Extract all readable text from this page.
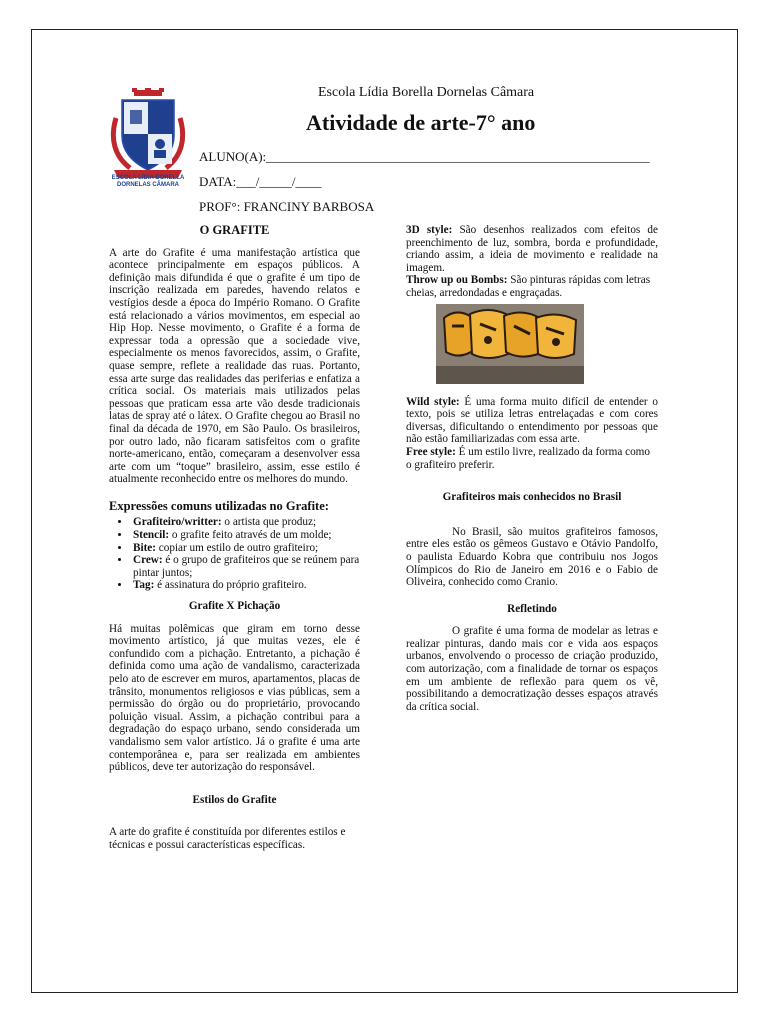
ESCOLA LÍDIA BORELLA
DORNELAS CÂMARA
Escola Lídia Borella Dornelas Câmara
Atividade de arte-7° ano
ALUNO(A):___________________________________________________________
DATA:___/_____/____
PROF°: FRANCINY BARBOSA

O GRAFITE

A arte do Grafite é uma manifestação artística que acontece principalmente em espaços públicos. A definição mais difundida é que o grafite é um tipo de inscrição realizada em paredes, havendo relatos e vestígios desde a época do Império Romano. O Grafite está relacionado a vários movimentos, em especial ao Hip Hop. Nesse movimento, o Grafite é a forma de expressar toda a opressão que a sociedade vive, especialmente os menos favorecidos, assim, o Grafite, quase sempre, reflete a realidade das ruas. Portanto, essa arte surge das realidades das periferias e enfatiza a crítica social. Os materiais mais utilizados pelas pessoas que praticam essa arte vão desde tradicionais latas de spray até o látex. O Grafite chegou ao Brasil no final da década de 1970, em São Paulo. Os brasileiros, por outro lado, não ficaram satisfeitos com o grafite norte-americano, então, começaram a desenvolver essa arte com um “toque” brasileiro, assim, esse estilo é atualmente reconhecido entre os melhores do mundo.

Expressões comuns utilizadas no Grafite:

• Grafiteiro/writter: o artista que produz;
• Stencil: o grafite feito através de um molde;
• Bite: copiar um estilo de outro grafiteiro;
• Crew: é o grupo de grafiteiros que se reúnem para pintar juntos;
• Tag: é assinatura do próprio grafiteiro.

Grafite X Pichação

Há muitas polêmicas que giram em torno desse movimento artístico, já que muitas vezes, ele é confundido com a pichação. Entretanto, a pichação é definida como uma ação de vandalismo, caracterizada pelo ato de escrever em muros, apartamentos, placas de trânsito, monumentos religiosos e vias públicas, sem a permissão do órgão ou do proprietário, provocando poluição visual. Assim, a pichação contribui para a degradação do espaço urbano, sendo considerada um vandalismo sem valor artístico. Já o grafite é uma arte contemporânea e, para ser realizada em ambientes públicos, deve ter autorização do responsável.

Estilos do Grafite

A arte do grafite é constituída por diferentes estilos e técnicas e possui características específicas.

3D style: São desenhos realizados com efeitos de preenchimento de luz, sombra, borda e profundidade, criando assim, a ideia de movimento e realidade na imagem.

Throw up ou Bombs: São pinturas rápidas com letras cheias, arredondadas e engraçadas.

Wild style: É uma forma muito difícil de entender o texto, pois se utiliza letras entrelaçadas e com cores diversas, dificultando o entendimento por pessoas que não estão familiarizadas com essa arte.

Free style: É um estilo livre, realizado da forma como o grafiteiro preferir.

Grafiteiros mais conhecidos no Brasil

No Brasil, são muitos grafiteiros famosos, entre eles estão os gêmeos Gustavo e Otávio Pandolfo, o paulista Eduardo Kobra que contribuiu nos Jogos Olímpicos do Rio de Janeiro em 2016 e o Fabio de Oliveira, conhecido como Cranio.

Refletindo

O grafite é uma forma de modelar as letras e realizar pinturas, dando mais cor e vida aos espaços urbanos, envolvendo o processo de criação produzido, com autorização, com a finalidade de tornar os espaços em um ambiente de reflexão para quem os vê, possibilitando a democratização desses espaços através da crítica social.
